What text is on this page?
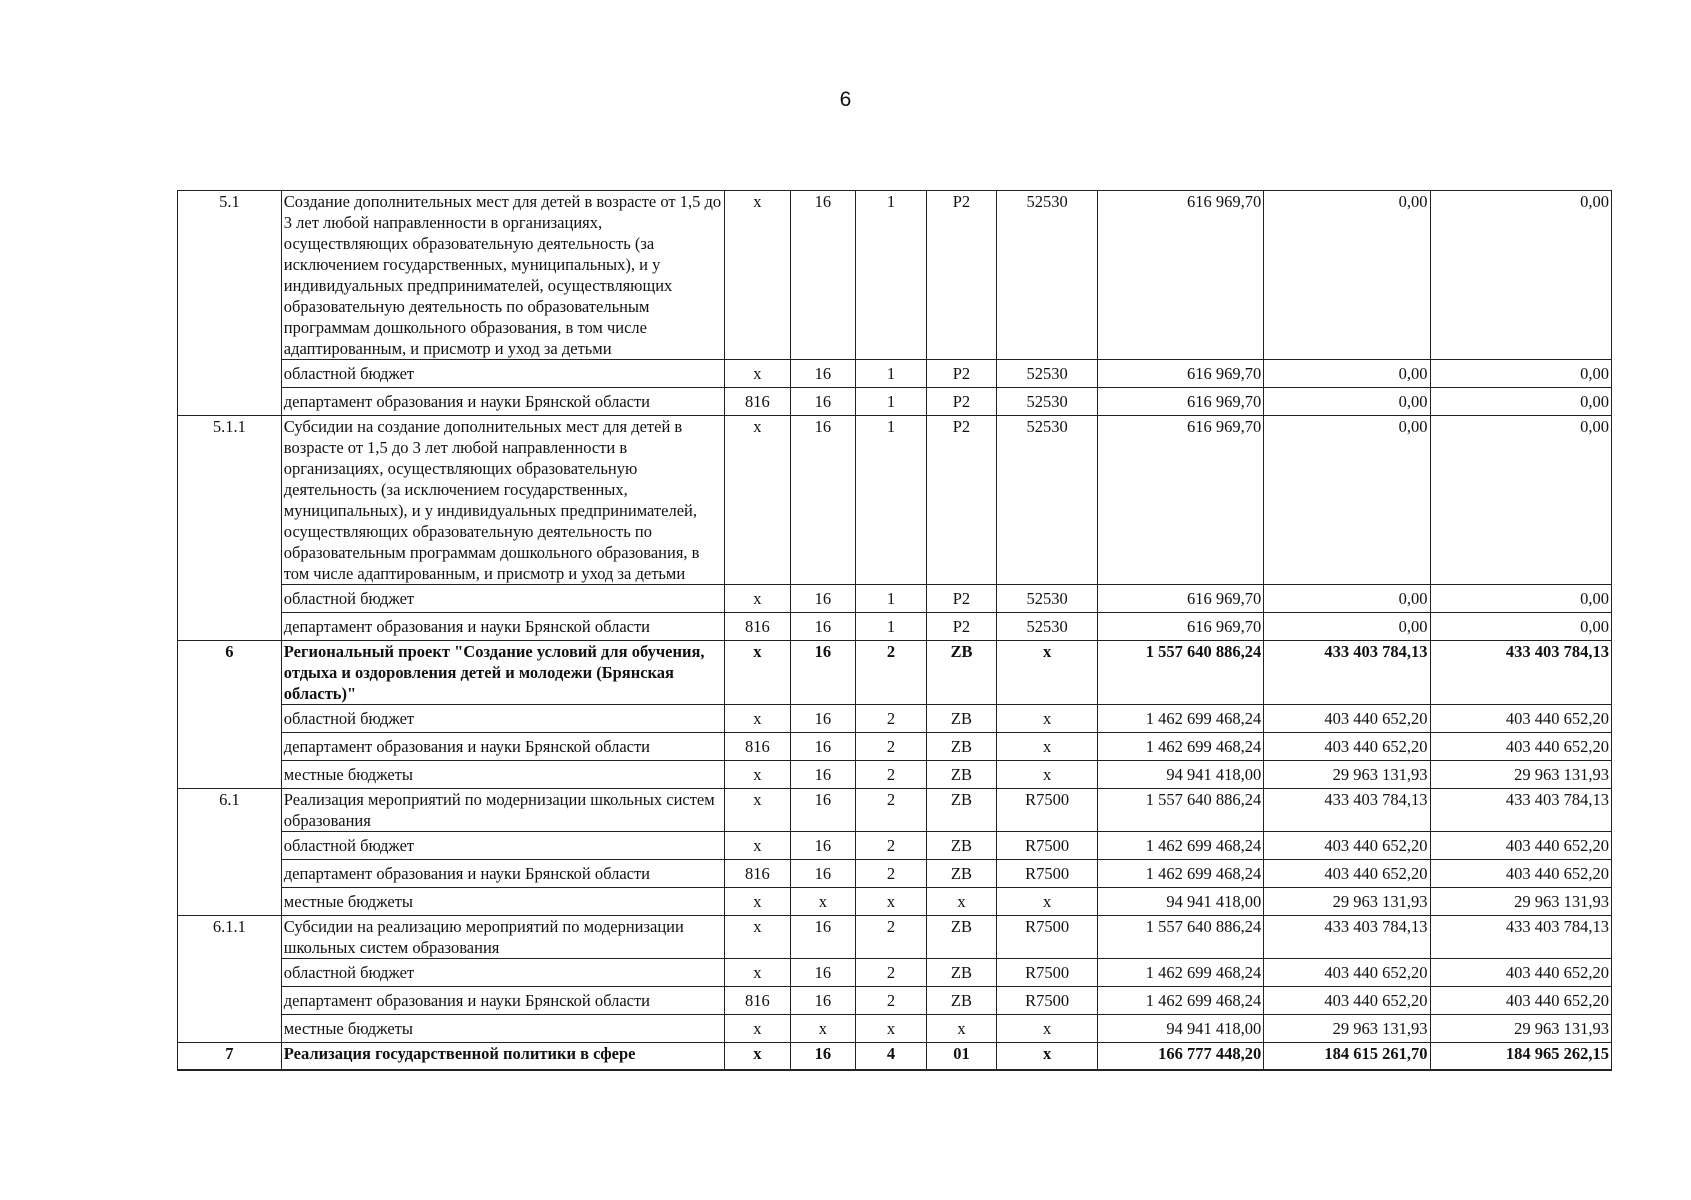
6
5.1	Создание дополнительных мест для детей в возрасте от 1,5 до 3 лет любой направленности в организациях, осуществляющих образовательную деятельность (за исключением государственных, муниципальных), и у индивидуальных предпринимателей, осуществляющих образовательную деятельность по образовательным программам дошкольного образования, в том числе адаптированным, и присмотр и уход за детьми	x	16	1	P2	52530	616 969,70	0,00	0,00
	областной бюджет	x	16	1	P2	52530	616 969,70	0,00	0,00
	департамент образования и науки Брянской области	816	16	1	P2	52530	616 969,70	0,00	0,00
5.1.1	Субсидии на создание дополнительных мест для детей в возрасте от 1,5 до 3 лет любой направленности в организациях, осуществляющих образовательную деятельность (за исключением государственных, муниципальных), и у индивидуальных предпринимателей, осуществляющих образовательную деятельность по образовательным программам дошкольного образования, в том числе адаптированным, и присмотр и уход за детьми	x	16	1	P2	52530	616 969,70	0,00	0,00
	областной бюджет	x	16	1	P2	52530	616 969,70	0,00	0,00
	департамент образования и науки Брянской области	816	16	1	P2	52530	616 969,70	0,00	0,00
6	Региональный проект "Создание условий для обучения, отдыха и оздоровления детей и молодежи (Брянская область)"	x	16	2	ZB	x	1 557 640 886,24	433 403 784,13	433 403 784,13
	областной бюджет	x	16	2	ZB	x	1 462 699 468,24	403 440 652,20	403 440 652,20
	департамент образования и науки Брянской области	816	16	2	ZB	x	1 462 699 468,24	403 440 652,20	403 440 652,20
	местные бюджеты	x	16	2	ZB	x	94 941 418,00	29 963 131,93	29 963 131,93
6.1	Реализация мероприятий по модернизации школьных систем образования	x	16	2	ZB	R7500	1 557 640 886,24	433 403 784,13	433 403 784,13
	областной бюджет	x	16	2	ZB	R7500	1 462 699 468,24	403 440 652,20	403 440 652,20
	департамент образования и науки Брянской области	816	16	2	ZB	R7500	1 462 699 468,24	403 440 652,20	403 440 652,20
	местные бюджеты	x	x	x	x	x	94 941 418,00	29 963 131,93	29 963 131,93
6.1.1	Субсидии на реализацию мероприятий по модернизации школьных систем образования	x	16	2	ZB	R7500	1 557 640 886,24	433 403 784,13	433 403 784,13
	областной бюджет	x	16	2	ZB	R7500	1 462 699 468,24	403 440 652,20	403 440 652,20
	департамент образования и науки Брянской области	816	16	2	ZB	R7500	1 462 699 468,24	403 440 652,20	403 440 652,20
	местные бюджеты	x	x	x	x	x	94 941 418,00	29 963 131,93	29 963 131,93
7	Реализация государственной политики в сфере	x	16	4	01	x	166 777 448,20	184 615 261,70	184 965 262,15
